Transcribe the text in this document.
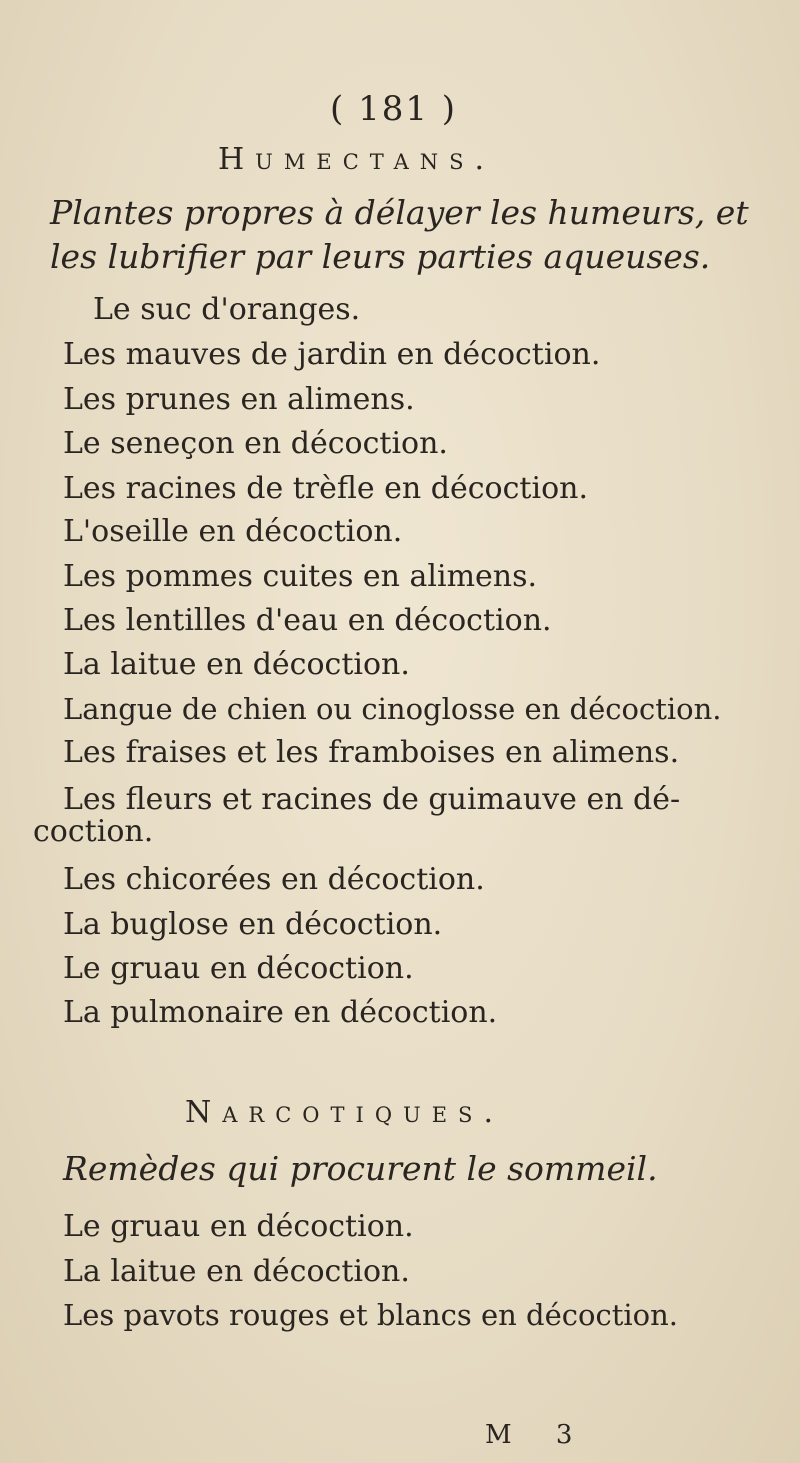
( 181 )

Humectans.

Plantes propres à délayer les humeurs, et

les lubrifier par leurs parties aqueuses.

Le suc d'oranges.

Les mauves de jardin en décoction.

Les prunes en alimens.

Le seneçon en décoction.

Les racines de trèfle en décoction.

L'oseille en décoction.

Les pommes cuites en alimens.

Les lentilles d'eau en décoction.

La laitue en décoction.

Langue de chien ou cinoglosse en décoction.

Les fraises et les framboises en alimens.

Les fleurs et racines de guimauve en dé-

coction.

Les chicorées en décoction.

La buglose en décoction.

Le gruau en décoction.

La pulmonaire en décoction.

Narcotiques.

Remèdes qui procurent le sommeil.

Le gruau en décoction.

La laitue en décoction.

Les pavots rouges et blancs en décoction.

M 3
